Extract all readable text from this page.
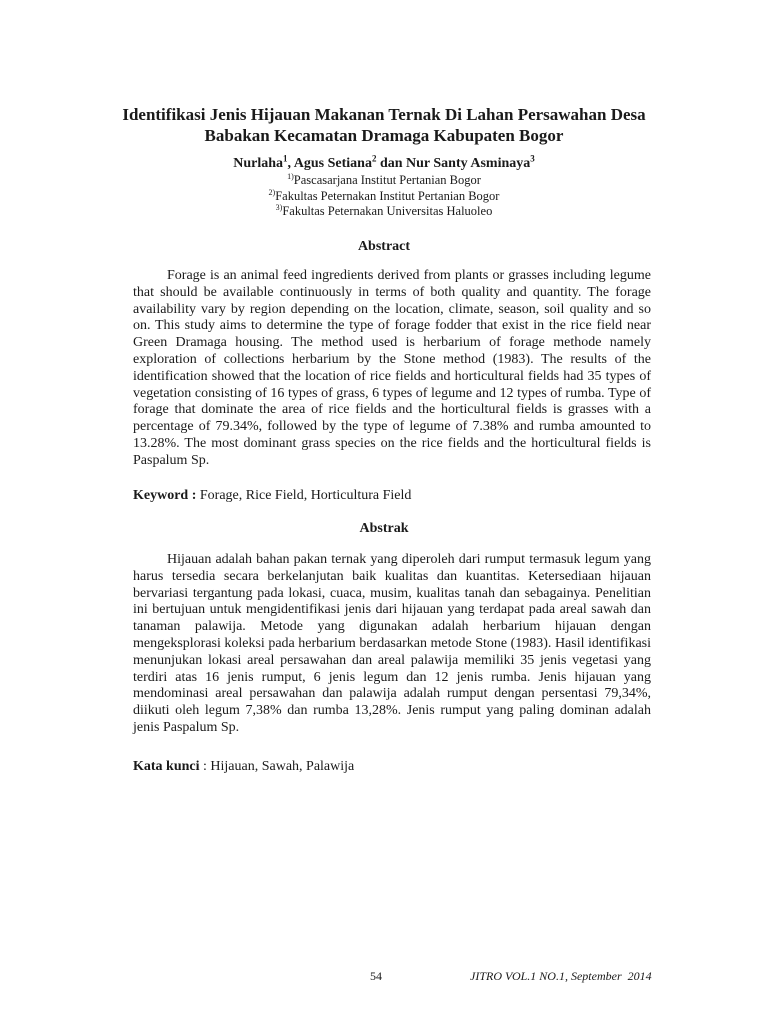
Identifikasi Jenis Hijauan Makanan Ternak Di Lahan Persawahan Desa
Babakan Kecamatan Dramaga Kabupaten Bogor
Nurlaha$^1$, Agus Setiana$^2$ dan Nur Santy Asminaya$^3$
$^{1)}$Pascasarjana Institut Pertanian Bogor
$^{2)}$Fakultas Peternakan Institut Pertanian Bogor
$^{3)}$Fakultas Peternakan Universitas Haluoleo
Abstract
Forage is an animal feed ingredients derived from plants or grasses including legume that should be available continuously in terms of both quality and quantity. The forage availability vary by region depending on the location, climate, season, soil quality and so on. This study aims to determine the type of forage fodder that exist in the rice field near Green Dramaga housing. The method used is herbarium of forage methode namely exploration of collections herbarium by the Stone method (1983). The results of the identification showed that the location of rice fields and horticultural fields had 35 types of vegetation consisting of 16 types of grass, 6 types of legume and 12 types of rumba. Type of forage that dominate the area of rice fields and the horticultural fields is grasses with a percentage of 79.34%, followed by the type of legume of 7.38% and rumba amounted to 13.28%. The most dominant grass species on the rice fields and the horticultural fields is Paspalum Sp.
Keyword : Forage, Rice Field, Horticultura Field
Abstrak
Hijauan adalah bahan pakan ternak yang diperoleh dari rumput termasuk legum yang harus tersedia secara berkelanjutan baik kualitas dan kuantitas. Ketersediaan hijauan bervariasi tergantung pada lokasi, cuaca, musim, kualitas tanah dan sebagainya. Penelitian ini bertujuan untuk mengidentifikasi jenis dari hijauan yang terdapat pada areal sawah dan tanaman palawija. Metode yang digunakan adalah herbarium hijauan dengan mengeksplorasi koleksi pada herbarium berdasarkan metode Stone (1983). Hasil identifikasi menunjukan lokasi areal persawahan dan areal palawija memiliki 35 jenis vegetasi yang terdiri atas 16 jenis rumput, 6 jenis legum dan 12 jenis rumba. Jenis hijauan yang mendominasi areal persawahan dan palawija adalah rumput dengan persentasi 79,34%, diikuti oleh legum 7,38% dan rumba 13,28%. Jenis rumput yang paling dominan adalah jenis Paspalum Sp.
Kata kunci : Hijauan, Sawah, Palawija
54	JITRO VOL.1 NO.1, September  2014
